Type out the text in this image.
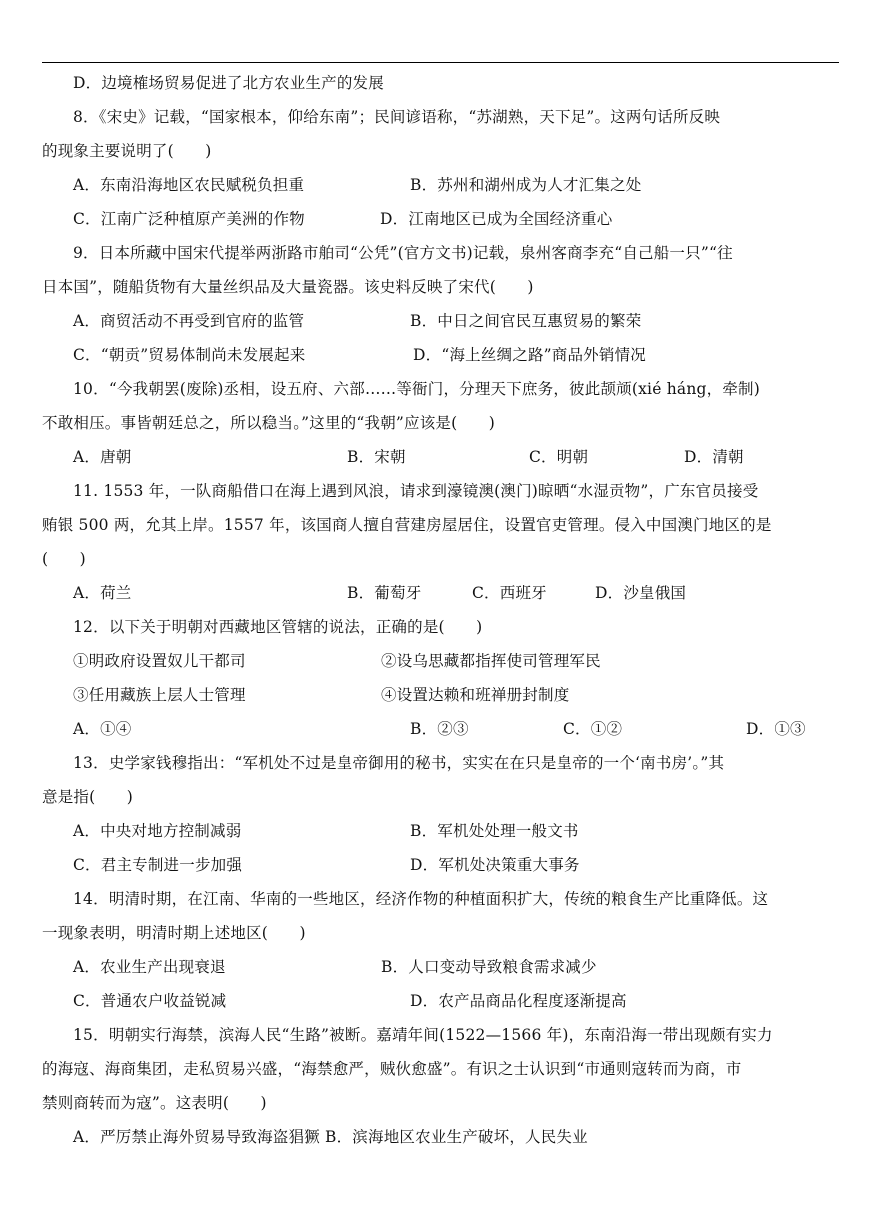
D．边境榷场贸易促进了北方农业生产的发展
8．《宋史》记载，“国家根本，仰给东南”；民间谚语称，“苏湖熟，天下足”。这两句话所反映
的现象主要说明了(　　)
A．东南沿海地区农民赋税负担重	B．苏州和湖州成为人才汇集之处
C．江南广泛种植原产美洲的作物	D．江南地区已成为全国经济重心
9．日本所藏中国宋代提举两浙路市舶司“公凭”(官方文书)记载，泉州客商李充“自己船一只”“往
日本国”，随船货物有大量丝织品及大量瓷器。该史料反映了宋代(　　)
A．商贸活动不再受到官府的监管	B．中日之间官民互惠贸易的繁荣
C．“朝贡”贸易体制尚未发展起来	D．“海上丝绸之路”商品外销情况
10．“今我朝罢(废除)丞相，设五府、六部……等衙门，分理天下庶务，彼此颉颃(xié háng，牵制)
不敢相压。事皆朝廷总之，所以稳当。”这里的“我朝”应该是(　　)
A．唐朝	B．宋朝	C．明朝	D．清朝
11. 1553 年，一队商船借口在海上遇到风浪，请求到濠镜澳(澳门)晾晒“水湿贡物”，广东官员接受
贿银 500 两，允其上岸。1557 年，该国商人擅自营建房屋居住，设置官吏管理。侵入中国澳门地区的是
(　　)
A．荷兰	B．葡萄牙	C．西班牙	D．沙皇俄国
12．以下关于明朝对西藏地区管辖的说法，正确的是(　　)
①明政府设置奴儿干都司	②设乌思藏都指挥使司管理军民
③任用藏族上层人士管理	④设置达赖和班禅册封制度
A．①④	B．②③	C．①②	D．①③
13．史学家钱穆指出：“军机处不过是皇帝御用的秘书，实实在在只是皇帝的一个‘南书房’。”其
意是指(　　)
A．中央对地方控制减弱	B．军机处处理一般文书
C．君主专制进一步加强	D．军机处决策重大事务
14．明清时期，在江南、华南的一些地区，经济作物的种植面积扩大，传统的粮食生产比重降低。这
一现象表明，明清时期上述地区(　　)
A．农业生产出现衰退	B．人口变动导致粮食需求减少
C．普通农户收益锐减	D．农产品商品化程度逐渐提高
15．明朝实行海禁，滨海人民“生路”被断。嘉靖年间(1522—1566 年)，东南沿海一带出现颇有实力
的海寇、海商集团，走私贸易兴盛，“海禁愈严，贼伙愈盛”。有识之士认识到“市通则寇转而为商，市
禁则商转而为寇”。这表明(　　)
A．严厉禁止海外贸易导致海盗猖獗 B．滨海地区农业生产破坏，人民失业
